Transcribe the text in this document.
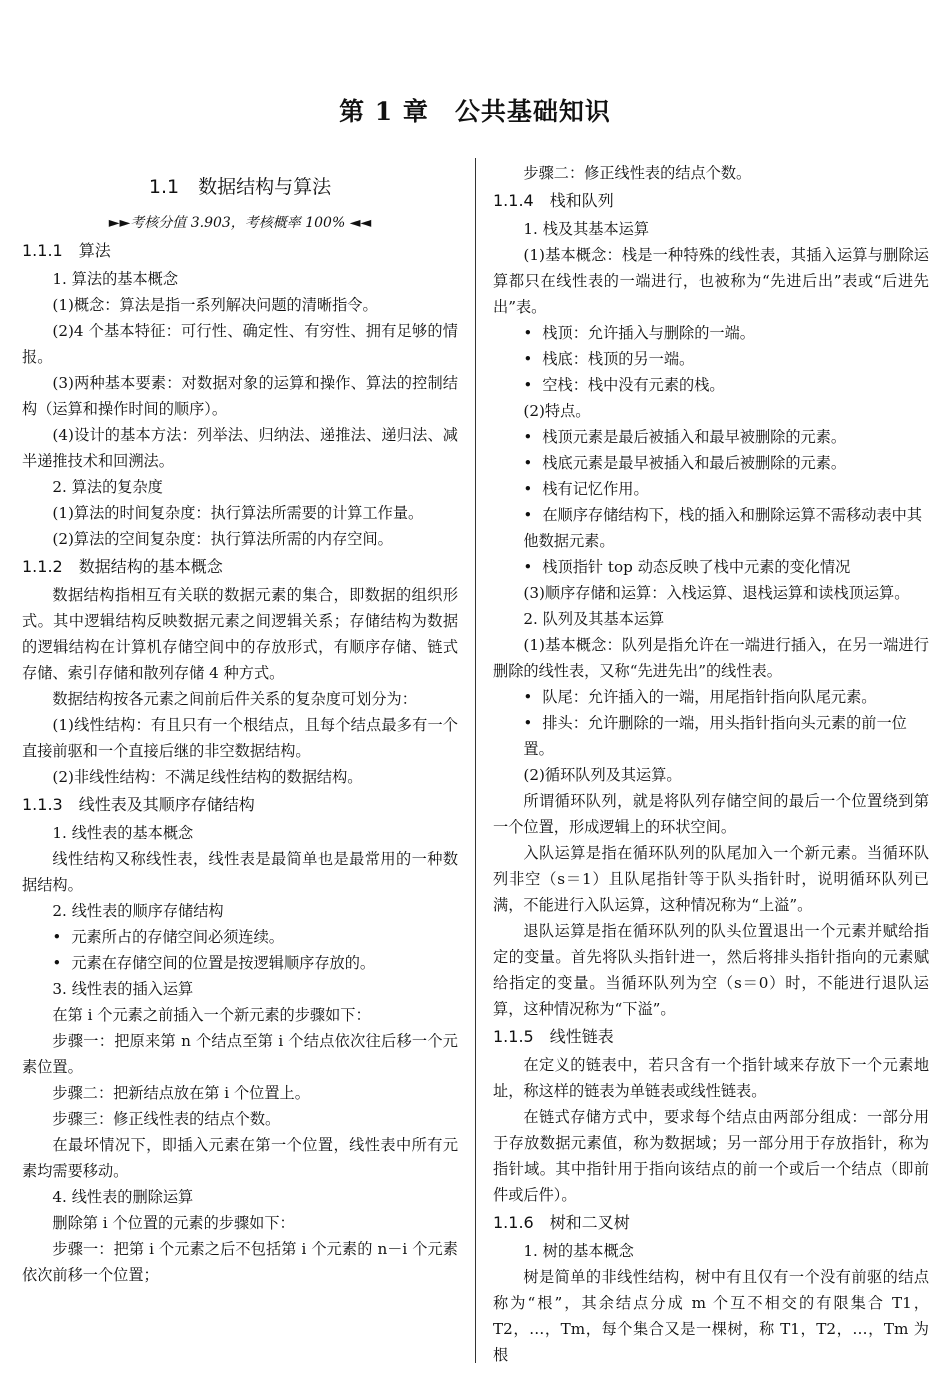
第 1 章　公共基础知识

1.1　数据结构与算法

►►考核分值 3.903，考核概率 100% ◄◄

1.1.1　算法

1. 算法的基本概念

(1)概念：算法是指一系列解决问题的清晰指令。

(2)4 个基本特征：可行性、确定性、有穷性、拥有足够的情报。

(3)两种基本要素：对数据对象的运算和操作、算法的控制结构（运算和操作时间的顺序）。

(4)设计的基本方法：列举法、归纳法、递推法、递归法、减半递推技术和回溯法。

2. 算法的复杂度

(1)算法的时间复杂度：执行算法所需要的计算工作量。

(2)算法的空间复杂度：执行算法所需的内存空间。

1.1.2　数据结构的基本概念

数据结构指相互有关联的数据元素的集合，即数据的组织形式。其中逻辑结构反映数据元素之间逻辑关系；存储结构为数据的逻辑结构在计算机存储空间中的存放形式，有顺序存储、链式存储、索引存储和散列存储 4 种方式。

数据结构按各元素之间前后件关系的复杂度可划分为：

(1)线性结构：有且只有一个根结点，且每个结点最多有一个直接前驱和一个直接后继的非空数据结构。

(2)非线性结构：不满足线性结构的数据结构。

1.1.3　线性表及其顺序存储结构

1. 线性表的基本概念

线性结构又称线性表，线性表是最简单也是最常用的一种数据结构。

2. 线性表的顺序存储结构

• 元素所占的存储空间必须连续。

• 元素在存储空间的位置是按逻辑顺序存放的。

3. 线性表的插入运算

在第 i 个元素之前插入一个新元素的步骤如下：

步骤一：把原来第 n 个结点至第 i 个结点依次往后移一个元素位置。

步骤二：把新结点放在第 i 个位置上。

步骤三：修正线性表的结点个数。

在最坏情况下，即插入元素在第一个位置，线性表中所有元素均需要移动。

4. 线性表的删除运算

删除第 i 个位置的元素的步骤如下：

步骤一：把第 i 个元素之后不包括第 i 个元素的 n－i 个元素依次前移一个位置；

步骤二：修正线性表的结点个数。

1.1.4　栈和队列

1. 栈及其基本运算

(1)基本概念：栈是一种特殊的线性表，其插入运算与删除运算都只在线性表的一端进行，也被称为“先进后出”表或“后进先出”表。

• 栈顶：允许插入与删除的一端。

• 栈底：栈顶的另一端。

• 空栈：栈中没有元素的栈。

(2)特点。

• 栈顶元素是最后被插入和最早被删除的元素。

• 栈底元素是最早被插入和最后被删除的元素。

• 栈有记忆作用。

• 在顺序存储结构下，栈的插入和删除运算不需移动表中其他数据元素。

• 栈顶指针 top 动态反映了栈中元素的变化情况

(3)顺序存储和运算：入栈运算、退栈运算和读栈顶运算。

2. 队列及其基本运算

(1)基本概念：队列是指允许在一端进行插入，在另一端进行删除的线性表，又称“先进先出”的线性表。

• 队尾：允许插入的一端，用尾指针指向队尾元素。

• 排头：允许删除的一端，用头指针指向头元素的前一位置。

(2)循环队列及其运算。

所谓循环队列，就是将队列存储空间的最后一个位置绕到第一个位置，形成逻辑上的环状空间。

入队运算是指在循环队列的队尾加入一个新元素。当循环队列非空（s＝1）且队尾指针等于队头指针时，说明循环队列已满，不能进行入队运算，这种情况称为“上溢”。

退队运算是指在循环队列的队头位置退出一个元素并赋给指定的变量。首先将队头指针进一，然后将排头指针指向的元素赋给指定的变量。当循环队列为空（s＝0）时，不能进行退队运算，这种情况称为“下溢”。

1.1.5　线性链表

在定义的链表中，若只含有一个指针域来存放下一个元素地址，称这样的链表为单链表或线性链表。

在链式存储方式中，要求每个结点由两部分组成：一部分用于存放数据元素值，称为数据域；另一部分用于存放指针，称为指针域。其中指针用于指向该结点的前一个或后一个结点（即前件或后件）。

1.1.6　树和二叉树

1. 树的基本概念

树是简单的非线性结构，树中有且仅有一个没有前驱的结点称为“根”，其余结点分成 m 个互不相交的有限集合 T1，T2，…，Tm，每个集合又是一棵树，称 T1，T2，…，Tm 为根
